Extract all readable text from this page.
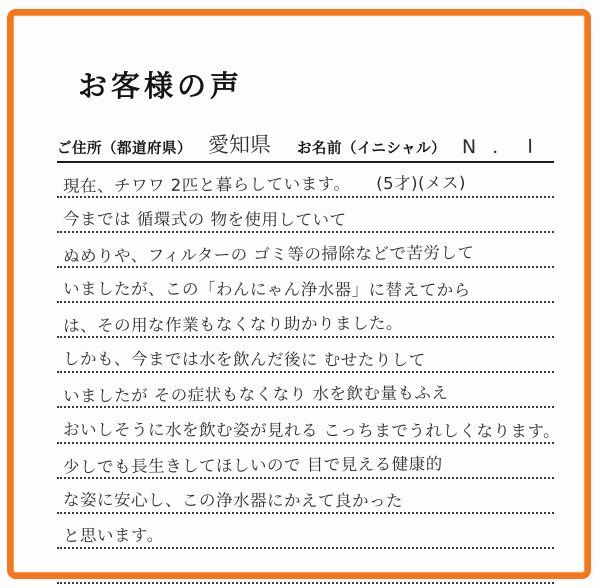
お客様の声
ご住所（都道府県） 愛知県 お名前（イニシャル） N ． I
現在、チワワ 2匹と暮らしています。　　(5才)(メス)
今までは 循環式の 物を使用していて
ぬめりや、フィルターの ゴミ等の掃除などで苦労して
いましたが、この「わんにゃん浄水器」に替えてから
は、その用な作業もなくなり助かりました。
しかも、今までは水を飲んだ後に むせたりして
いましたが その症状もなくなり 水を飲む量もふえ
おいしそうに水を飲む姿が見れる こっちまでうれしくなります。
少しでも長生きしてほしいので 目で見える健康的
な姿に安心し、この浄水器にかえて良かった
と思います。
